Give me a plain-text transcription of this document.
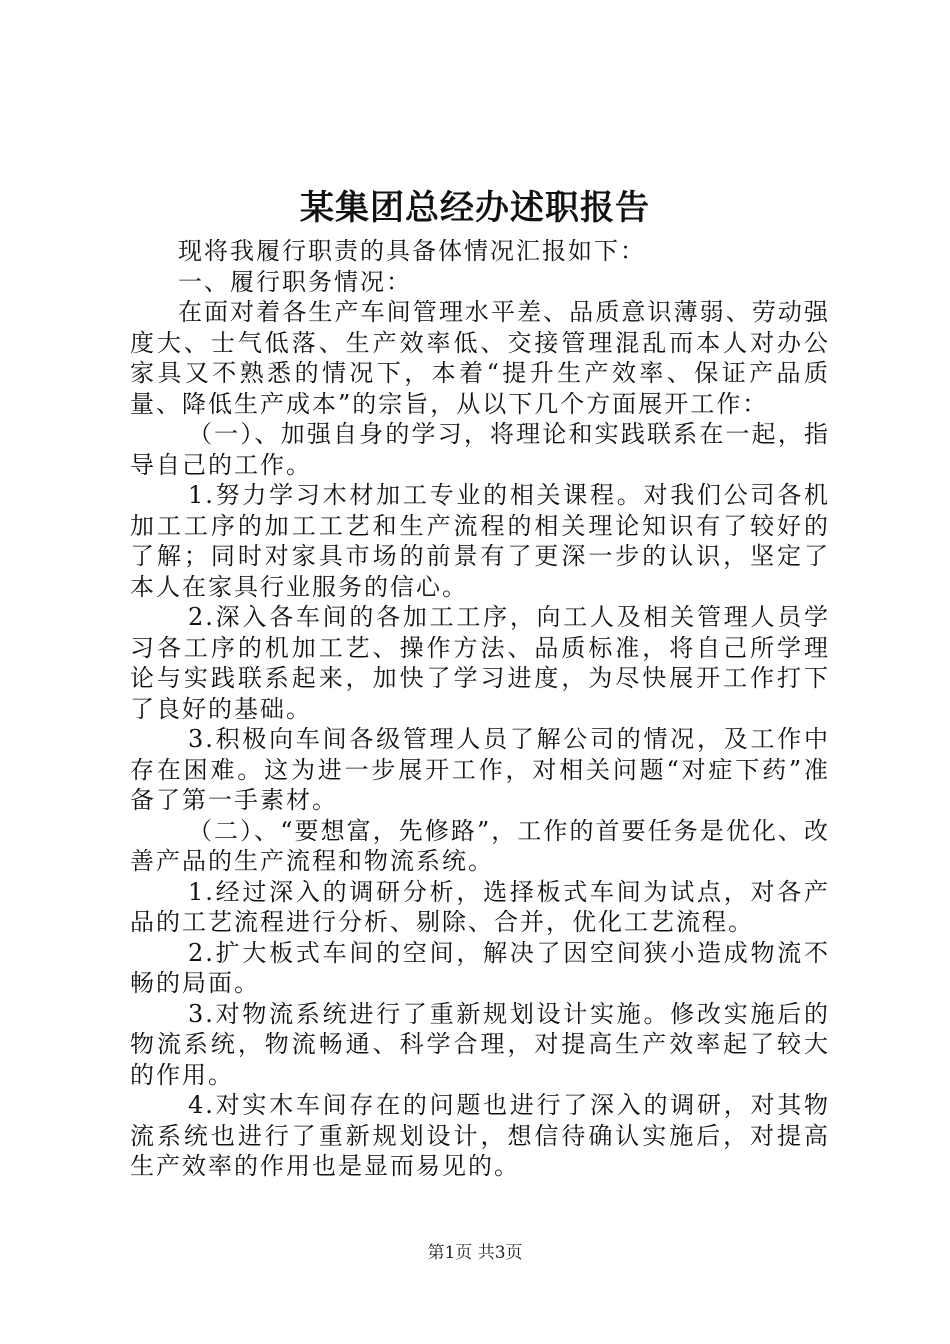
某集团总经办述职报告

现将我履行职责的具备体情况汇报如下：

一、履行职务情况：

在面对着各生产车间管理水平差、品质意识薄弱、劳动强度大、士气低落、生产效率低、交接管理混乱而本人对办公家具又不熟悉的情况下，本着“提升生产效率、保证产品质量、降低生产成本”的宗旨，从以下几个方面展开工作：

（一）、加强自身的学习，将理论和实践联系在一起，指导自己的工作。

1.努力学习木材加工专业的相关课程。对我们公司各机加工工序的加工工艺和生产流程的相关理论知识有了较好的了解；同时对家具市场的前景有了更深一步的认识，坚定了本人在家具行业服务的信心。

2.深入各车间的各加工工序，向工人及相关管理人员学习各工序的机加工艺、操作方法、品质标准，将自己所学理论与实践联系起来，加快了学习进度，为尽快展开工作打下了良好的基础。

3.积极向车间各级管理人员了解公司的情况，及工作中存在困难。这为进一步展开工作，对相关问题“对症下药”准备了第一手素材。

（二）、“要想富，先修路”，工作的首要任务是优化、改善产品的生产流程和物流系统。

1.经过深入的调研分析，选择板式车间为试点，对各产品的工艺流程进行分析、剔除、合并，优化工艺流程。

2.扩大板式车间的空间，解决了因空间狭小造成物流不畅的局面。

3.对物流系统进行了重新规划设计实施。修改实施后的物流系统，物流畅通、科学合理，对提高生产效率起了较大的作用。

4.对实木车间存在的问题也进行了深入的调研，对其物流系统也进行了重新规划设计，想信待确认实施后，对提高生产效率的作用也是显而易见的。

第1页 共3页
